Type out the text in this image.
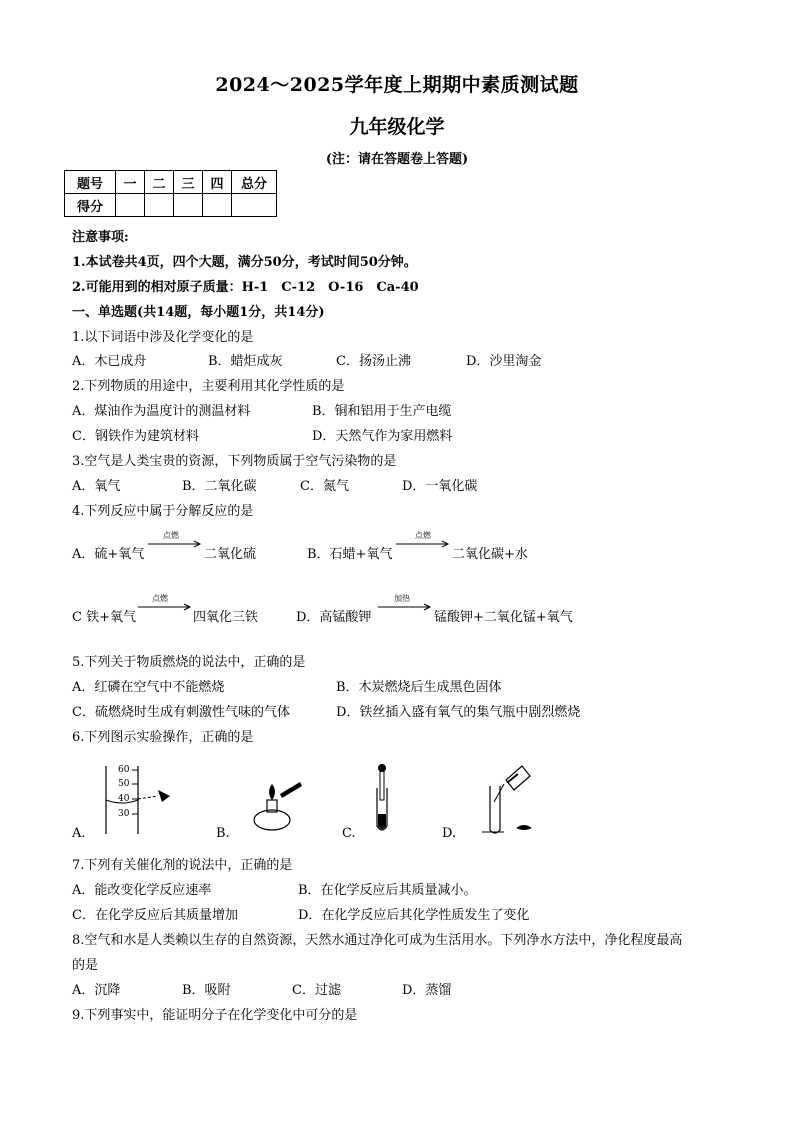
2024～2025学年度上期期中素质测试题
九年级化学
(注：请在答题卷上答题)
题号	一	二	三	四	总分
得分					
注意事项:
1.本试卷共4页，四个大题，满分50分，考试时间50分钟。
2.可能用到的相对原子质量：H-1　C-12　O-16　Ca-40
一、单选题(共14题，每小题1分，共14分)
1.以下词语中涉及化学变化的是
A．木已成舟	B．蜡炬成灰	C．扬汤止沸	D．沙里淘金
2.下列物质的用途中，主要利用其化学性质的是
A．煤油作为温度计的测温材料	B．铜和铝用于生产电缆
C．钢铁作为建筑材料	D．天然气作为家用燃料
3.空气是人类宝贵的资源，下列物质属于空气污染物的是
A．氧气	B．二氧化碳	C．氮气	D．一氧化碳
4.下列反应中属于分解反应的是
A．硫+氧气
点燃
二氧化硫	B．石蜡+氧气
点燃
二氧化碳+水
C 铁+氧气
点燃
四氧化三铁	D．高锰酸钾
加热
锰酸钾+二氧化锰+氧气
5.下列关于物质燃烧的说法中，正确的是
A．红磷在空气中不能燃烧	B．木炭燃烧后生成黑色固体
C．硫燃烧时生成有刺激性气味的气体	D．铁丝插入盛有氧气的集气瓶中剧烈燃烧
6.下列图示实验操作，正确的是
A.
60
50
40
30
B.	C.	D.
7.下列有关催化剂的说法中，正确的是
A．能改变化学反应速率	B．在化学反应后其质量减小。
C．在化学反应后其质量增加	D．在化学反应后其化学性质发生了变化
8.空气和水是人类赖以生存的自然资源，天然水通过净化可成为生活用水。下列净水方法中，净化程度最高
的是
A．沉降	B．吸附	C．过滤	D．蒸馏
9.下列事实中，能证明分子在化学变化中可分的是
